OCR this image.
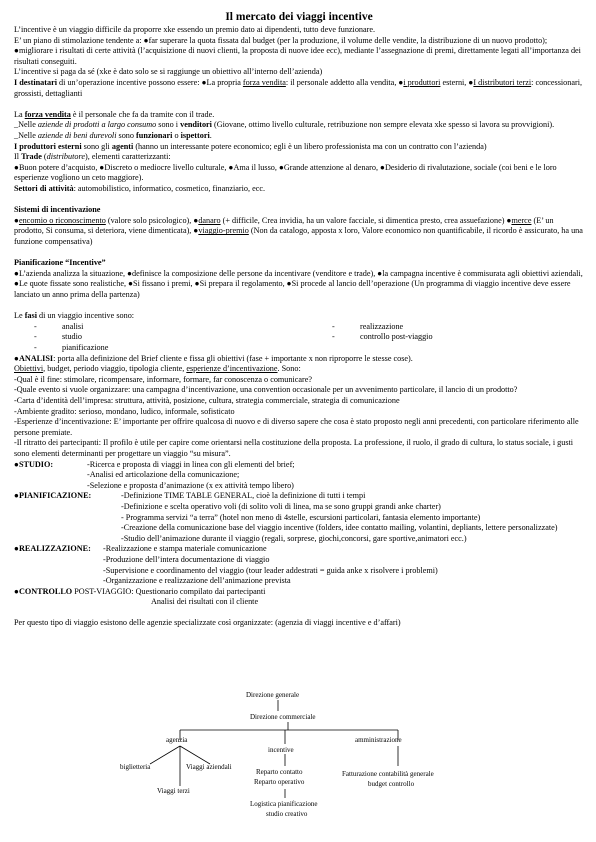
Il mercato dei viaggi incentive

L’incentive è un viaggio difficile da proporre xke essendo un premio dato ai dipendenti, tutto deve funzionare.

E’ un piano di stimolazione tendente a: ●far superare la quota fissata dal budget (per la produzione, il volume delle vendite, la distribuzione di un nuovo prodotto); ●migliorare i risultati di certe attività (l’acquisizione di nuovi clienti, la proposta di nuove idee ecc), mediante l’assegnazione di premi, direttamente legati all’importanza dei risultati conseguiti.

L’incentive si paga da sé (xke è dato solo se si raggiunge un obiettivo all’interno dell’azienda)

I destinatari di un’operazione incentive possono essere: ●La propria forza vendita: il personale addetto alla vendita, ●i produttori esterni, ●I distributori terzi: concessionari, grossisti, dettaglianti

La forza vendita è il personale che fa da tramite con il trade.

_Nelle aziende di prodotti a largo consumo sono i venditori (Giovane, ottimo livello culturale, retribuzione non sempre elevata xke spesso si lavora su provvigioni).

_Nelle aziende di beni durevoli sono funzionari o ispettori.

I produttori esterni sono gli agenti (hanno un interessante potere economico; egli è un libero professionista ma con un contratto con l’azienda)

Il Trade (distributore), elementi caratterizzanti:

●Buon potere d’acquisto, ●Discreto o mediocre livello culturale, ●Ama il lusso, ●Grande attenzione al denaro, ●Desiderio di rivalutazione, sociale (coi beni e le loro esperienze vogliono un ceto maggiore).

Settori di attività: automobilistico, informatico, cosmetico, finanziario, ecc.

Sistemi di incentivazione

●encomio o riconoscimento (valore solo psicologico), ●danaro (+ difficile, Crea invidia, ha un valore facciale, si dimentica presto, crea assuefazione) ●merce (E’ un prodotto, Si consuma, si deteriora, viene dimenticata), ●viaggio-premio (Non da catalogo, apposta x loro, Valore economico non quantificabile, il ricordo è assicurato, ha una funzione compensativa)

Pianificazione “Incentive”

●L’azienda analizza la situazione, ●definisce la composizione delle persone da incentivare (venditore e trade), ●la campagna incentive è commisurata agli obiettivi aziendali, ●Le quote fissate sono realistiche, ●Si fissano i premi, ●Si prepara il regolamento, ●Si procede al lancio dell’operazione (Un programma di viaggio incentive deve essere lanciato un anno prima della partenza)

Le fasi di un viaggio incentive sono:

-	analisi
-	studio
-	pianificazione
-	realizzazione
-	controllo post-viaggio

●ANALISI: porta alla definizione del Brief cliente e fissa gli obiettivi (fase + importante x non riproporre le stesse cose).

Obiettivi, budget, periodo viaggio, tipologia cliente, esperienze d’incentivazione. Sono:

-Qual è il fine: stimolare, ricompensare, informare, formare, far conoscenza o comunicare?

-Quale evento si vuole organizzare: una campagna d’incentivazione, una convention occasionale per un avvenimento particolare, il lancio di un prodotto?

-Carta d’identità dell’impresa: struttura, attività, posizione, cultura, strategia commerciale, strategia di comunicazione

-Ambiente gradito: serioso, mondano, ludico, informale, sofisticato

-Esperienze d’incentivazione: E’ importante per offrire qualcosa di nuovo e di diverso sapere che cosa è stato proposto negli anni precedenti, con particolare riferimento alle persone premiate.

-Il ritratto dei partecipanti: Il profilo è utile per capire come orientarsi nella costituzione della proposta. La professione, il ruolo, il grado di cultura, lo status sociale, i gusti sono elementi determinanti per progettare un viaggio “su misura”.

●STUDIO:	-Ricerca e proposta di viaggi in linea con gli elementi del brief;

-Analisi ed articolazione della comunicazione;

-Selezione e proposta d’animazione (x ex attività tempo libero)

●PIANIFICAZIONE:	-Definizione TIME TABLE GENERAL, cioè la definizione di tutti i tempi

-Definizione e scelta operativo voli (di solito voli di linea, ma se sono gruppi grandi anke charter)

- Programma servizi “a terra” (hotel non meno di 4stelle, escursioni particolari, fantasia elemento importante)

-Creazione della comunicazione base del viaggio incentive (folders, idee contatto mailing, volantini, depliants, lettere personalizzate)

-Studio dell’animazione durante il viaggio (regali, sorprese, giochi,concorsi, gare sportive,animatori ecc.)

●REALIZZAZIONE:	-Realizzazione e stampa materiale comunicazione

-Produzione dell’intera documentazione di viaggio

-Supervisione e coordinamento del viaggio (tour leader addestrati = guida anke x risolvere i problemi)

-Organizzazione e realizzazione dell’animazione prevista

●CONTROLLO POST-VIAGGIO: Questionario compilato dai partecipanti

Analisi dei risultati con il cliente

Per questo tipo di viaggio esistono delle agenzie specializzate così organizzate: (agenzia di viaggi incentive e d’affari)

Direzione generale
Direzione commerciale
agenzia
incentive
amministrazione
biglietteria	Viaggi aziendali
Viaggi terzi
Reparto contatto
Reparto operativo
Logistica pianificazione
studio creativo
Fatturazione contabilità generale
budget controllo
